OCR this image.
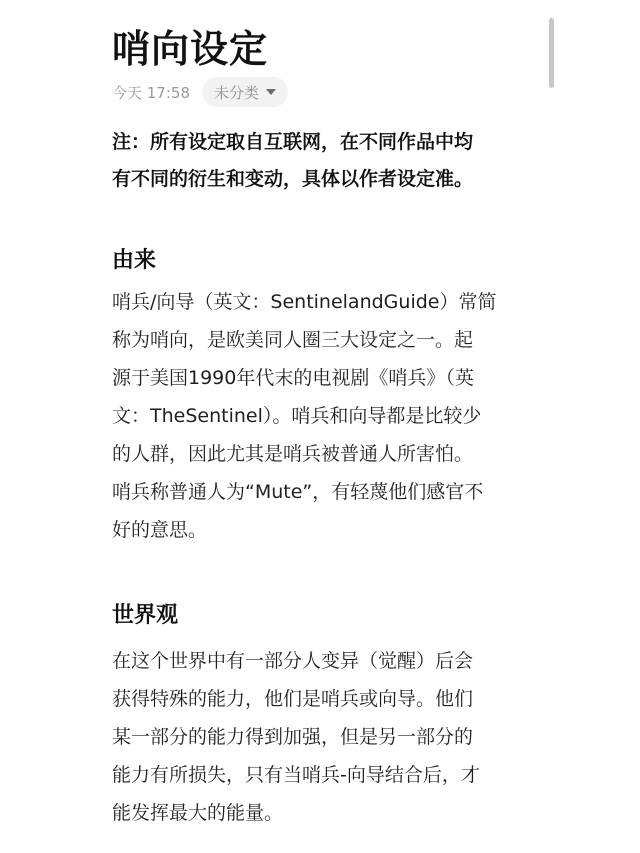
哨向设定
今天 17:58 未分类
注：所有设定取自互联网，在不同作品中均
有不同的衍生和变动，具体以作者设定准。
由来
哨兵/向导（英文：SentinelandGuide）常简
称为哨向，是欧美同人圈三大设定之一。起
源于美国1990年代末的电视剧《哨兵》（英
文：TheSentinel）。哨兵和向导都是比较少
的人群，因此尤其是哨兵被普通人所害怕。
哨兵称普通人为“Mute”，有轻蔑他们感官不
好的意思。
世界观
在这个世界中有一部分人变异（觉醒）后会
获得特殊的能力，他们是哨兵或向导。他们
某一部分的能力得到加强，但是另一部分的
能力有所损失，只有当哨兵-向导结合后，才
能发挥最大的能量。
